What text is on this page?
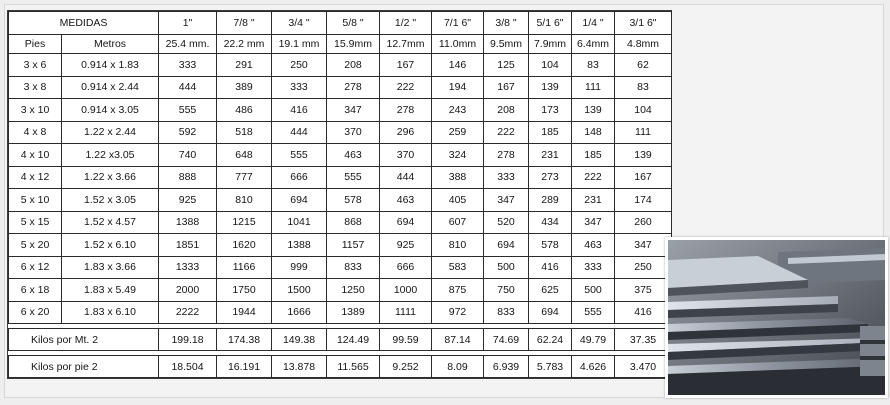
MEDIDAS		1"	7/8 "	3/4 "	5/8 "	1/2 "	7/1 6"	3/8 "	5/1 6"	1/4 "	3/1 6"
Pies	Metros	25.4 mm.	22.2 mm	19.1 mm	15.9mm	12.7mm	11.0mm	9.5mm	7.9mm	6.4mm	4.8mm
3 x 6	0.914 x 1.83	333	291	250	208	167	146	125	104	83	62
3 x 8	0.914 x 2.44	444	389	333	278	222	194	167	139	111	83
3 x 10	0.914 x 3.05	555	486	416	347	278	243	208	173	139	104
4 x 8	1.22 x 2.44	592	518	444	370	296	259	222	185	148	111
4 x 10	1.22 x3.05	740	648	555	463	370	324	278	231	185	139
4 x 12	1.22 x 3.66	888	777	666	555	444	388	333	273	222	167
5 x 10	1.52 x 3.05	925	810	694	578	463	405	347	289	231	174
5 x 15	1.52 x 4.57	1388	1215	1041	868	694	607	520	434	347	260
5 x 20	1.52 x 6.10	1851	1620	1388	1157	925	810	694	578	463	347
6 x 12	1.83 x 3.66	1333	1166	999	833	666	583	500	416	333	250
6 x 18	1.83 x 5.49	2000	1750	1500	1250	1000	875	750	625	500	375
6 x 20	1.83 x 6.10	2222	1944	1666	1389	1111	972	833	694	555	416

Kilos por Mt. 2		199.18	174.38	149.38	124.49	99.59	87.14	74.69	62.24	49.79	37.35

Kilos por pie 2		18.504	16.191	13.878	11.565	9.252	8.09	6.939	5.783	4.626	3.470
